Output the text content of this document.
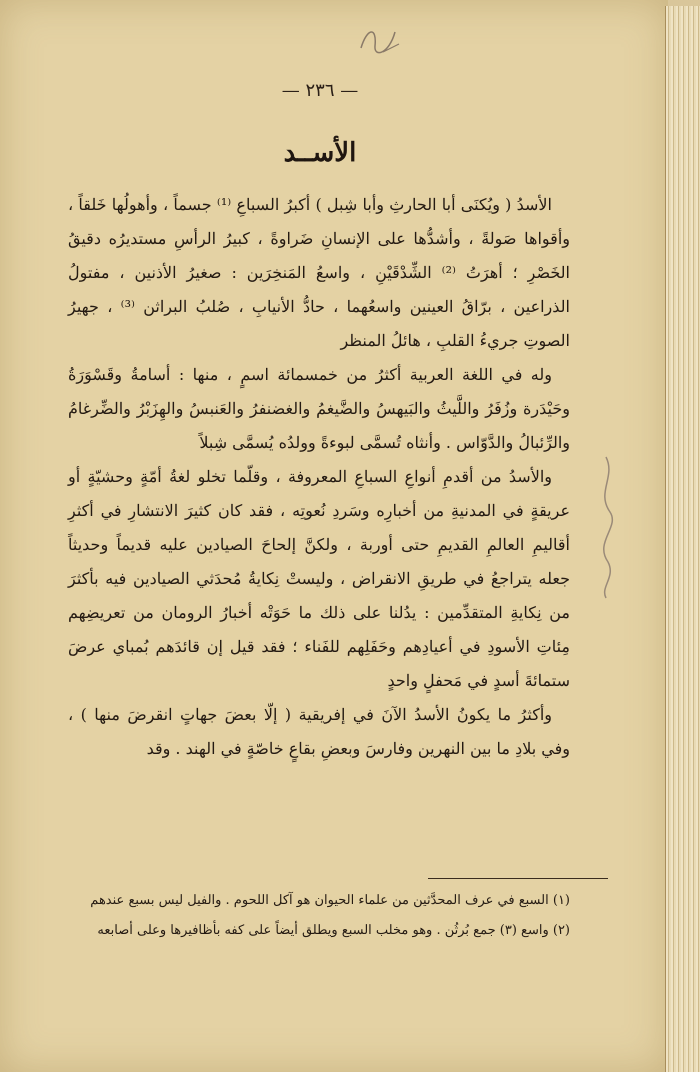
— ٢٣٦ —
الأســد

الأسدُ ( ويُكنَى أبا الحارثِ وأبا شِبل ) أكبرُ السباعِ ⁽¹⁾ جسماً ، وأهولُها خَلقاً ، وأقواها صَولةً ، وأشدُّها على الإنسانِ ضَراوةً ، كبيرُ الرأسِ مستديرُه دقيقُ الخَصْرِ ؛ أهرَتُ ⁽²⁾ الشِّدْقَيْنِ ، واسعُ المَنخِرَين : صغيرُ الأذنين ، مفتولُ الذراعين ، برّاقُ العينين واسعُهما ، حادُّ الأنيابِ ، صُلبُ البراثن ⁽³⁾ ، جهيرُ الصوتِ جريءُ القلبِ ، هائلُ المنظر

وله في اللغة العربية أكثرُ من خمسمائة اسمٍ ، منها : أسامةُ وقَسْوَرَةُ وحَيْدَرة وزُفَرُ واللَّيثُ والبَيهسُ والضَّيغمُ والغضنفرُ والعَنبسُ والهِزَبْرُ والضِّرغامُ والرِّئبالُ والدَّوّاس . وأنثاه تُسمَّى لبوءةً وولدُه يُسمَّى شِبلاً

والأسدُ من أقدمِ أنواعِ السباعِ المعروفة ، وقلّما تخلو لغةُ أمّةٍ وحشيّةٍ أو عريقةٍ في المدنيةِ من أخبارِه وسَردِ نُعوتِه ، فقد كان كثيرَ الانتشارِ في أكثرِ أقاليمِ العالمِ القديمِ حتى أوربة ، ولكنَّ إلحاحَ الصيادين عليه قديماً وحديثاً جعله يتراجعُ في طريقِ الانقراض ، وليستْ نِكايةُ مُحدَثي الصيادين فيه بأكثرَ من نِكايةِ المتقدِّمين : يدُلنا على ذلك ما حَوَتْه أخبارُ الرومان من تعريضِهم مِئاتِ الأسودِ في أعيادِهم وحَفَلِهم للفَناء ؛ فقد قيل إن قائدَهم بُمباي عرضَ ستمائةَ أسدٍ في مَحفلٍ واحدٍ

وأكثرُ ما يكونُ الأسدُ الآنَ في إفريقية ( إلّا بعضَ جهاتٍ انقرضَ منها ) ، وفي بلادِ ما بين النهرين وفارسَ وبعضِ بقاعٍ خاصّةٍ في الهند . وقد

(١) السبع في عرف المحدَّثين من علماء الحيوان هو آكل اللحوم . والفيل ليس بسبع عندهم
(٢) واسع (٣) جمع بُرثُن . وهو مخلب السبع ويطلق أيضاً على كفه بأظافيرها وعلى أصابعه
